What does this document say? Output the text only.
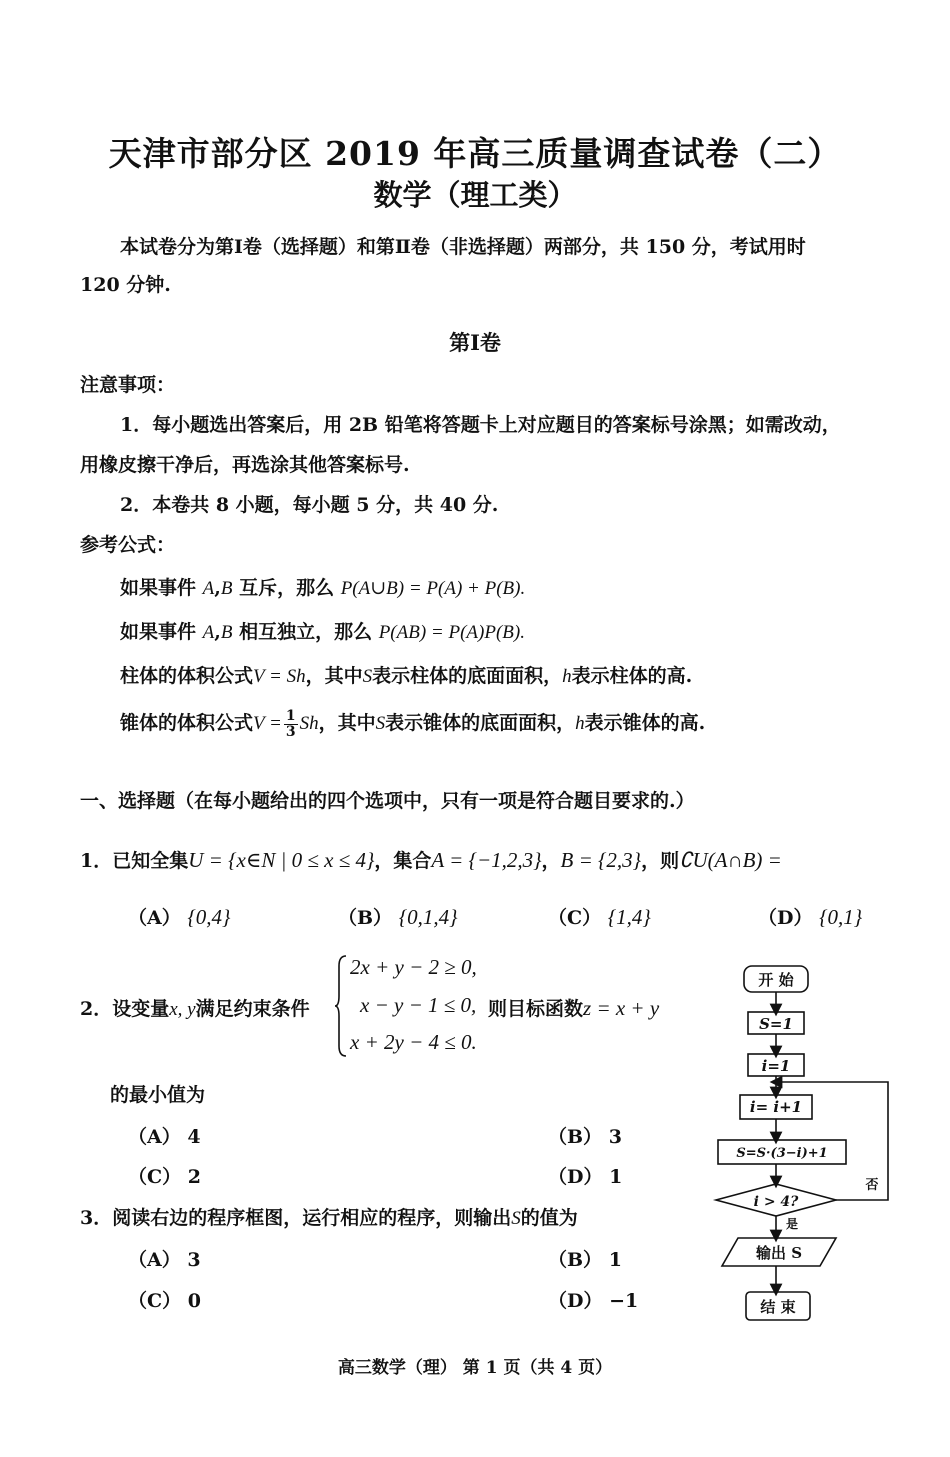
天津市部分区 2019 年高三质量调查试卷（二）
数学（理工类）
本试卷分为第Ⅰ卷（选择题）和第Ⅱ卷（非选择题）两部分，共 150 分，考试用时
120 分钟.
第Ⅰ卷
注意事项：
1．每小题选出答案后，用 2B 铅笔将答题卡上对应题目的答案标号涂黑；如需改动，
用橡皮擦干净后，再选涂其他答案标号.
2．本卷共 8 小题，每小题 5 分，共 40 分.
参考公式：
如果事件 A,B 互斥，那么 P(A∪B) = P(A) + P(B).
如果事件 A,B 相互独立，那么 P(AB) = P(A)P(B).
柱体的体积公式V = Sh，其中S表示柱体的底面面积，h表示柱体的高.
锥体的体积公式$V = \frac{1}{3}$ Sh，其中S表示锥体的底面面积，h表示锥体的高.
一、选择题（在每小题给出的四个选项中，只有一项是符合题目要求的.）
1．已知全集U = {x∈N | 0 ≤ x ≤ 4}，集合A = {−1,2,3}，B = {2,3}，则∁U(A∩B) =
（A） {0,4}	（B） {0,1,4}	（C） {1,4}	（D） {0,1}
2．设变量x, y满足约束条件
2x + y − 2 ≥ 0,
x − y − 1 ≤ 0, 则目标函数z = x + y
x + 2y − 4 ≤ 0.
的最小值为
（A） 4	（B） 3
（C） 2	（D） 1
3．阅读右边的程序框图，运行相应的程序，则输出S的值为
（A） 3	（B） 1
（C） 0	（D） −1
开 始
S=1
i=1
i= i+1
S=S·(3−i)+1
i > 4?
否
是
输出 S
结 束
高三数学（理） 第 1 页（共 4 页）
